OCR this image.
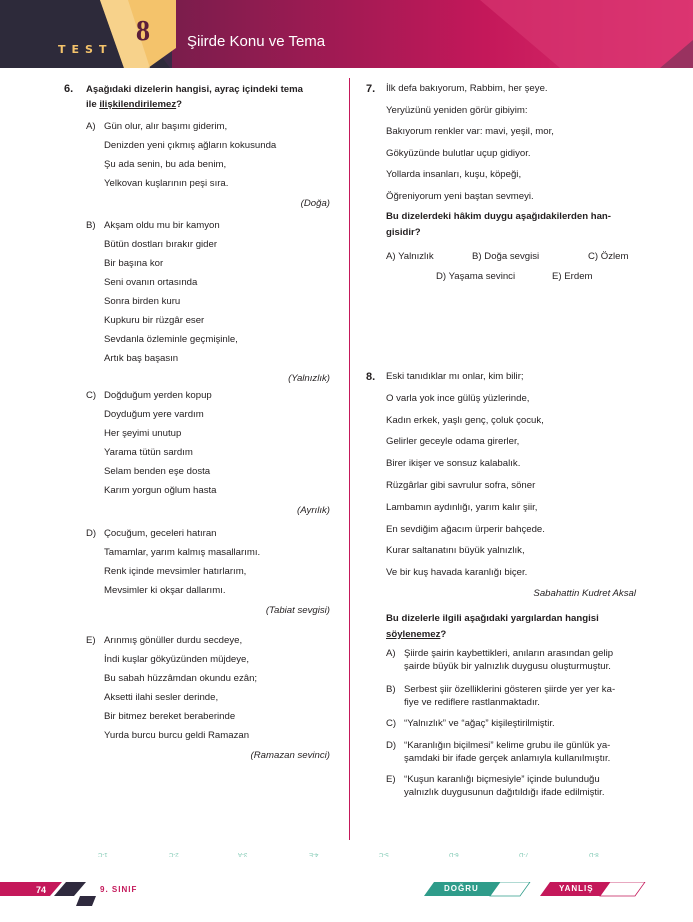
TEST
8 Şiirde Konu ve Tema
6. Aşağıdaki dizelerin hangisi, ayraç içindeki tema
ile ilişkilendirilemez?
A) Gün olur, alır başımı giderim,
Denizden yeni çıkmış ağların kokusunda
Şu ada senin, bu ada benim,
Yelkovan kuşlarının peşi sıra.
(Doğa)
B) Akşam oldu mu bir kamyon
Bütün dostları bırakır gider
Bir başına kor
Seni ovanın ortasında
Sonra birden kuru
Kupkuru bir rüzgâr eser
Sevdanla özleminle geçmişinle,
Artık baş başasın
(Yalnızlık)
C) Doğduğum yerden kopup
Doyduğum yere vardım
Her şeyimi unutup
Yarama tütün sardım
Selam benden eşe dosta
Karım yorgun oğlum hasta
(Ayrılık)
D) Çocuğum, geceleri hatıran
Tamamlar, yarım kalmış masallarımı.
Renk içinde mevsimler hatırlarım,
Mevsimler ki okşar dallarımı.
(Tabiat sevgisi)
E) Arınmış gönüller durdu secdeye,
İndi kuşlar gökyüzünden müjdeye,
Bu sabah hüzzâmdan okundu ezân;
Aksetti ilahi sesler derinde,
Bir bitmez bereket beraberinde
Yurda burcu burcu geldi Ramazan
(Ramazan sevinci)
7. İlk defa bakıyorum, Rabbim, her şeye.
Yeryüzünü yeniden görür gibiyim:
Bakıyorum renkler var: mavi, yeşil, mor,
Gökyüzünde bulutlar uçup gidiyor.
Yollarda insanları, kuşu, köpeği,
Öğreniyorum yeni baştan sevmeyi.
Bu dizelerdeki hâkim duygu aşağıdakilerden han-
gisidir?
A) Yalnızlık	B) Doğa sevgisi	C) Özlem
D) Yaşama sevinci	E) Erdem
8. Eski tanıdıklar mı onlar, kim bilir;
O varla yok ince gülüş yüzlerinde,
Kadın erkek, yaşlı genç, çoluk çocuk,
Gelirler geceyle odama girerler,
Birer ikişer ve sonsuz kalabalık.
Rüzgârlar gibi savrulur sofra, söner
Lambamın aydınlığı, yarım kalır şiir,
En sevdiğim ağacım ürperir bahçede.
Kurar saltanatını büyük yalnızlık,
Ve bir kuş havada karanlığı biçer.
Sabahattin Kudret Aksal
Bu dizelerle ilgili aşağıdaki yargılardan hangisi
söylenemez?
A) Şiirde şairin kaybettikleri, anıların arasından gelip
şairde büyük bir yalnızlık duygusu oluşturmuştur.
B) Serbest şiir özelliklerini gösteren şiirde yer yer ka-
fiye ve rediflere rastlanmaktadır.
C) “Yalnızlık” ve “ağaç” kişileştirilmiştir.
D) “Karanlığın biçilmesi” kelime grubu ile günlük ya-
şamdaki bir ifade gerçek anlamıyla kullanılmıştır.
E) “Kuşun karanlığı biçmesiyle” içinde bulunduğu
yalnızlık duygusunun dağıtıldığı ifade edilmiştir.
1-C	2-C	3-A	4-E	5-C	6-D	7-D	8-D
74	9. SINIF	DOĞRU	YANLIŞ
